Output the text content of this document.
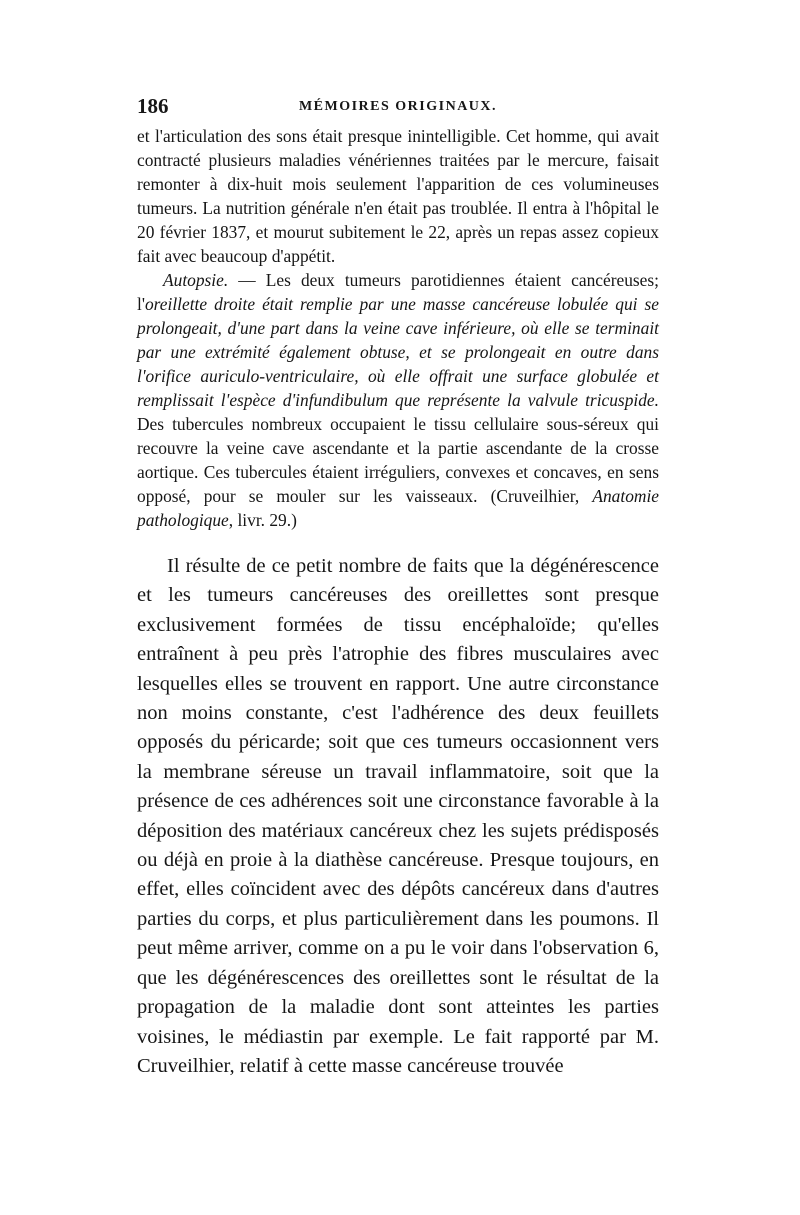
186	MÉMOIRES ORIGINAUX.

et l'articulation des sons était presque inintelligible. Cet homme, qui avait contracté plusieurs maladies vénériennes traitées par le mercure, faisait remonter à dix-huit mois seulement l'apparition de ces volumineuses tumeurs. La nutrition générale n'en était pas troublée. Il entra à l'hôpital le 20 février 1837, et mourut subitement le 22, après un repas assez copieux fait avec beaucoup d'appétit.

Autopsie. — Les deux tumeurs parotidiennes étaient cancéreuses; l'oreillette droite était remplie par une masse cancéreuse lobulée qui se prolongeait, d'une part dans la veine cave inférieure, où elle se terminait par une extrémité également obtuse, et se prolongeait en outre dans l'orifice auriculo-ventriculaire, où elle offrait une surface globulée et remplissait l'espèce d'infundibulum que représente la valvule tricuspide. Des tubercules nombreux occupaient le tissu cellulaire sous-séreux qui recouvre la veine cave ascendante et la partie ascendante de la crosse aortique. Ces tubercules étaient irréguliers, convexes et concaves, en sens opposé, pour se mouler sur les vaisseaux. (Cruveilhier, Anatomie pathologique, livr. 29.)

Il résulte de ce petit nombre de faits que la dégénérescence et les tumeurs cancéreuses des oreillettes sont presque exclusivement formées de tissu encéphaloïde; qu'elles entraînent à peu près l'atrophie des fibres musculaires avec lesquelles elles se trouvent en rapport. Une autre circonstance non moins constante, c'est l'adhérence des deux feuillets opposés du péricarde; soit que ces tumeurs occasionnent vers la membrane séreuse un travail inflammatoire, soit que la présence de ces adhérences soit une circonstance favorable à la déposition des matériaux cancéreux chez les sujets prédisposés ou déjà en proie à la diathèse cancéreuse. Presque toujours, en effet, elles coïncident avec des dépôts cancéreux dans d'autres parties du corps, et plus particulièrement dans les poumons. Il peut même arriver, comme on a pu le voir dans l'observation 6, que les dégénérescences des oreillettes sont le résultat de la propagation de la maladie dont sont atteintes les parties voisines, le médiastin par exemple. Le fait rapporté par M. Cruveilhier, relatif à cette masse cancéreuse trouvée
